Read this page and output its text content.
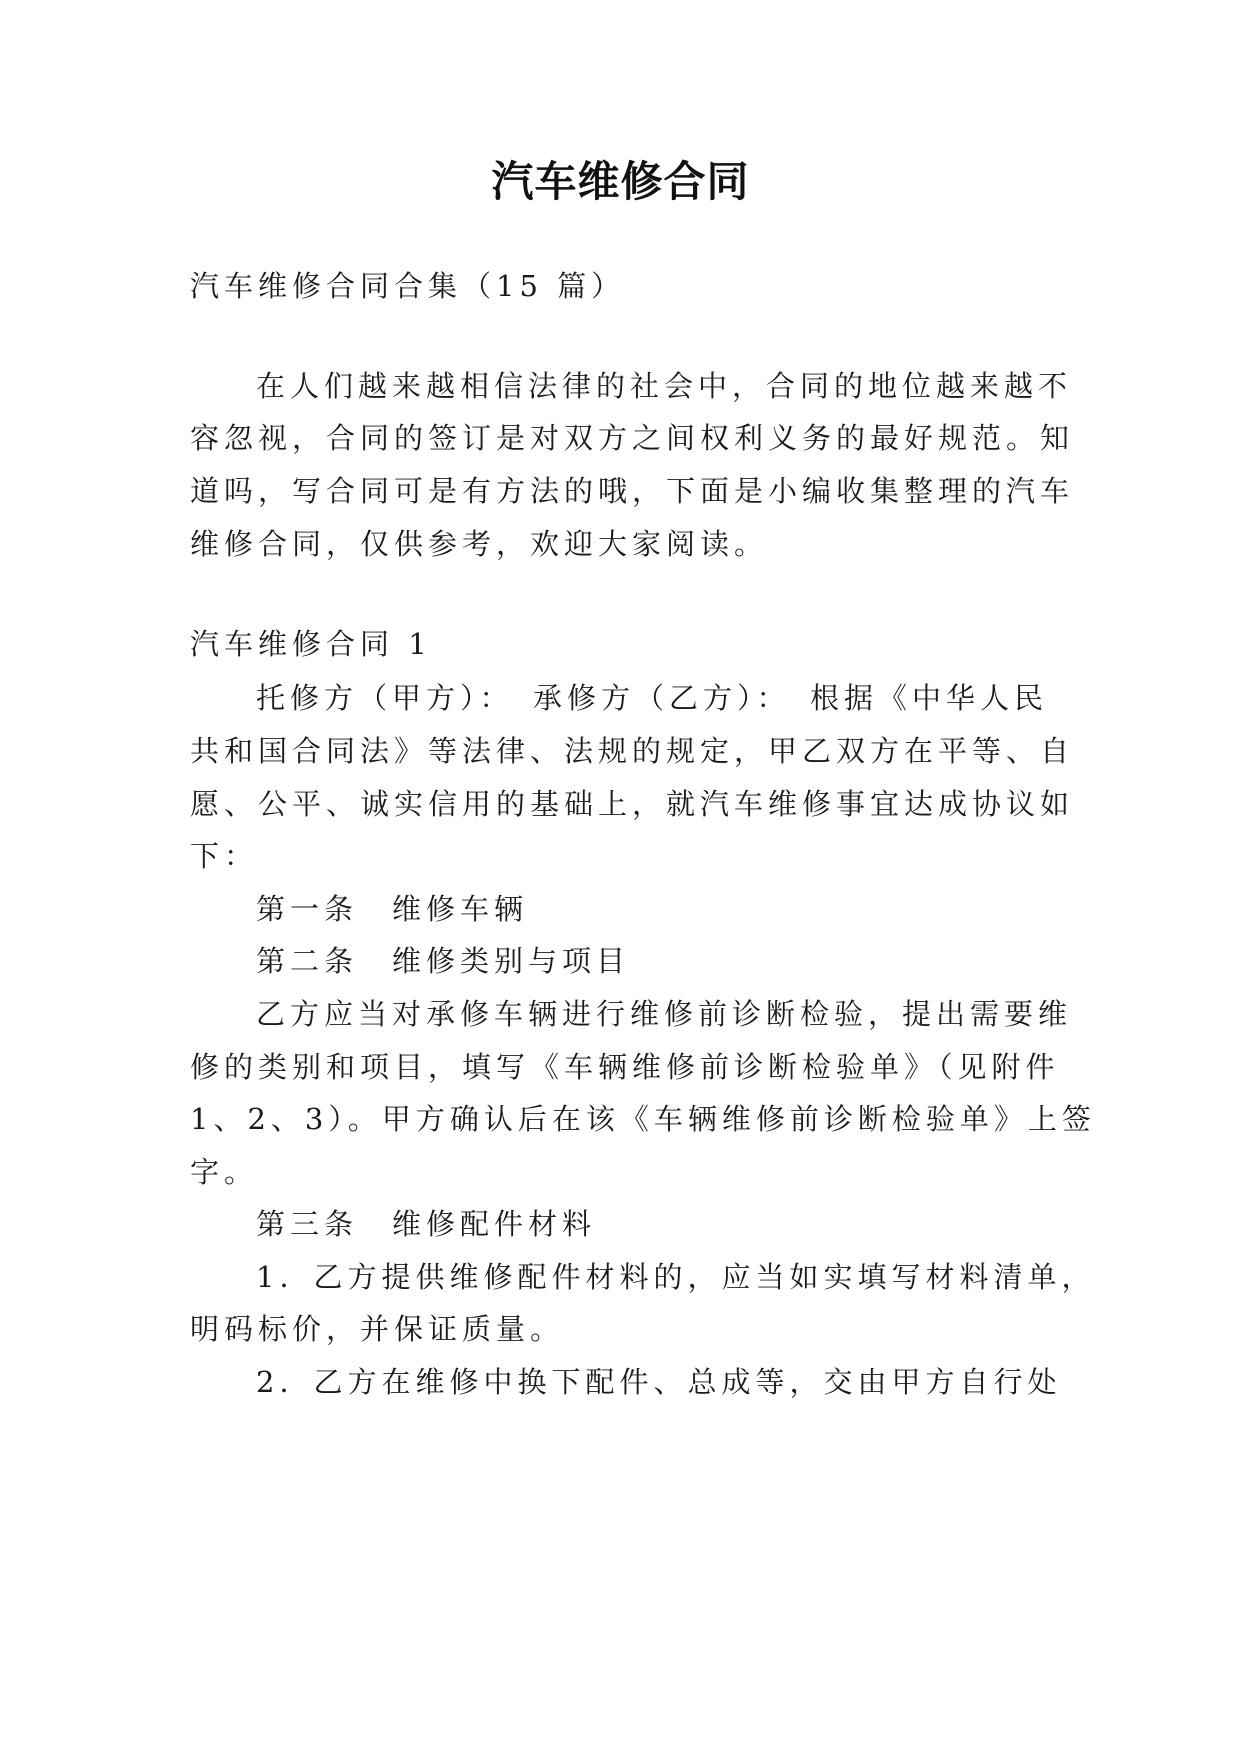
汽车维修合同
汽车维修合同合集（15 篇）
在人们越来越相信法律的社会中，合同的地位越来越不
容忽视，合同的签订是对双方之间权利义务的最好规范。知
道吗，写合同可是有方法的哦，下面是小编收集整理的汽车
维修合同，仅供参考，欢迎大家阅读。
汽车维修合同 1
托修方（甲方）：　承修方（乙方）：　根据《中华人民
共和国合同法》等法律、法规的规定，甲乙双方在平等、自
愿、公平、诚实信用的基础上，就汽车维修事宜达成协议如
下：
第一条　维修车辆
第二条　维修类别与项目
乙方应当对承修车辆进行维修前诊断检验，提出需要维
修的类别和项目，填写《车辆维修前诊断检验单》（见附件
1、2、3）。甲方确认后在该《车辆维修前诊断检验单》上签
字。
第三条　维修配件材料
1．乙方提供维修配件材料的，应当如实填写材料清单，
明码标价，并保证质量。
2．乙方在维修中换下配件、总成等，交由甲方自行处
